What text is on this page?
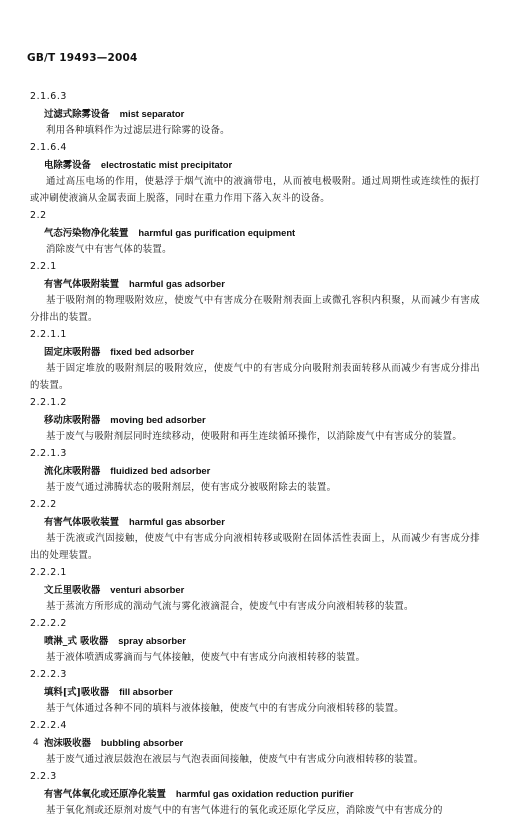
GB/T 19493—2004
2.1.6.3
过滤式除雾设备 mist separator
利用各种填料作为过滤层进行除雾的设备。
2.1.6.4
电除雾设备 electrostatic mist precipitator
通过高压电场的作用，使悬浮于烟气流中的液滴带电，从而被电极吸附。通过周期性或连续性的振打或冲刷使液滴从金属表面上脱落，同时在重力作用下落入灰斗的设备。
2.2
气态污染物净化装置 harmful gas purification equipment
消除废气中有害气体的装置。
2.2.1
有害气体吸附装置 harmful gas adsorber
基于吸附剂的物理吸附效应，使废气中有害成分在吸附剂表面上或微孔容积内积聚，从而减少有害成分排出的装置。
2.2.1.1
固定床吸附器 fixed bed adsorber
基于固定堆放的吸附剂层的吸附效应，使废气中的有害成分向吸附剂表面转移从而减少有害成分排出的装置。
2.2.1.2
移动床吸附器 moving bed adsorber
基于废气与吸附剂层同时连续移动，使吸附和再生连续循环操作，以消除废气中有害成分的装置。
2.2.1.3
流化床吸附器 fluidized bed adsorber
基于废气通过沸腾状态的吸附剂层，使有害成分被吸附除去的装置。
2.2.2
有害气体吸收装置 harmful gas absorber
基于洗液或汽固接触，使废气中有害成分向液相转移或吸附在固体活性表面上，从而减少有害成分排出的处理装置。
2.2.2.1
文丘里吸收器 venturi absorber
基于蒸流方所形成的湍动气流与雾化液滴混合，使废气中有害成分向液相转移的装置。
2.2.2.2
喷淋_式 吸收器 spray absorber
基于液体喷洒成雾滴而与气体接触，使废气中有害成分向液相转移的装置。
2.2.2.3
填料[式]吸收器 fill absorber
基于气体通过各种不同的填料与液体接触，使废气中的有害成分向液相转移的装置。
2.2.2.4
泡沫吸收器 bubbling absorber
基于废气通过液层鼓泡在液层与气泡表面间接触，使废气中有害成分向液相转移的装置。
2.2.3
有害气体氧化或还原净化装置 harmful gas oxidation reduction purifier
基于氧化剂或还原剂对废气中的有害气体进行的氧化或还原化学反应，消除废气中有害成分的
4
